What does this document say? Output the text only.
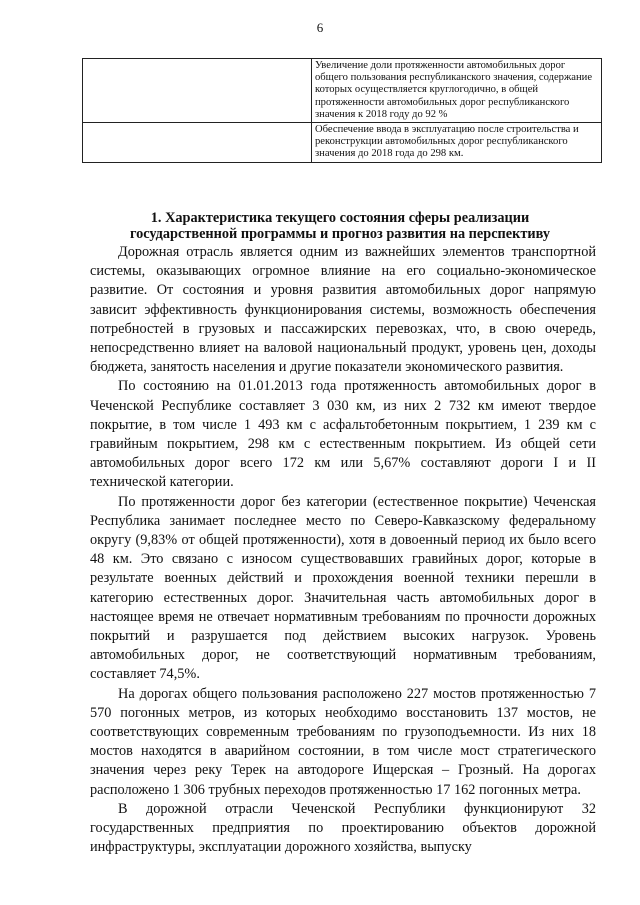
6
	Увеличение доли протяженности автомобильных дорог общего пользования республиканского значения, содержание которых осуществляется круглогодично, в общей протяженности автомобильных дорог республиканского значения к 2018 году до 92 %
	Обеспечение ввода в эксплуатацию после строительства и реконструкции автомобильных дорог республиканского значения до 2018 года до 298 км.
1. Характеристика текущего состояния сферы реализации
государственной программы и прогноз развития на перспективу

Дорожная отрасль является одним из важнейших элементов транспортной системы, оказывающих огромное влияние на его социально-экономическое развитие. От состояния и уровня развития автомобильных дорог напрямую зависит эффективность функционирования системы, возможность обеспечения потребностей в грузовых и пассажирских перевозках, что, в свою очередь, непосредственно влияет на валовой национальный продукт, уровень цен, доходы бюджета, занятость населения и другие показатели экономического развития.

По состоянию на 01.01.2013 года протяженность автомобильных дорог в Чеченской Республике составляет 3 030 км, из них 2 732 км имеют твердое покрытие, в том числе 1 493 км с асфальтобетонным покрытием, 1 239 км с гравийным покрытием, 298 км с естественным покрытием. Из общей сети автомобильных дорог всего 172 км или 5,67% составляют дороги I и II технической категории.

По протяженности дорог без категории (естественное покрытие) Чеченская Республика занимает последнее место по Северо-Кавказскому федеральному округу (9,83% от общей протяженности), хотя в довоенный период их было всего 48 км. Это связано с износом существовавших гравийных дорог, которые в результате военных действий и прохождения военной техники перешли в категорию естественных дорог. Значительная часть автомобильных дорог в настоящее время не отвечает нормативным требованиям по прочности дорожных покрытий и разрушается под действием высоких нагрузок. Уровень автомобильных дорог, не соответствующий нормативным требованиям, составляет 74,5%.

На дорогах общего пользования расположено 227 мостов протяженностью 7 570 погонных метров, из которых необходимо восстановить 137 мостов, не соответствующих современным требованиям по грузоподъемности. Из них 18 мостов находятся в аварийном состоянии, в том числе мост стратегического значения через реку Терек на автодороге Ищерская – Грозный. На дорогах расположено 1 306 трубных переходов протяженностью 17 162 погонных метра.

В дорожной отрасли Чеченской Республики функционируют 32 государственных предприятия по проектированию объектов дорожной инфраструктуры, эксплуатации дорожного хозяйства, выпуску
